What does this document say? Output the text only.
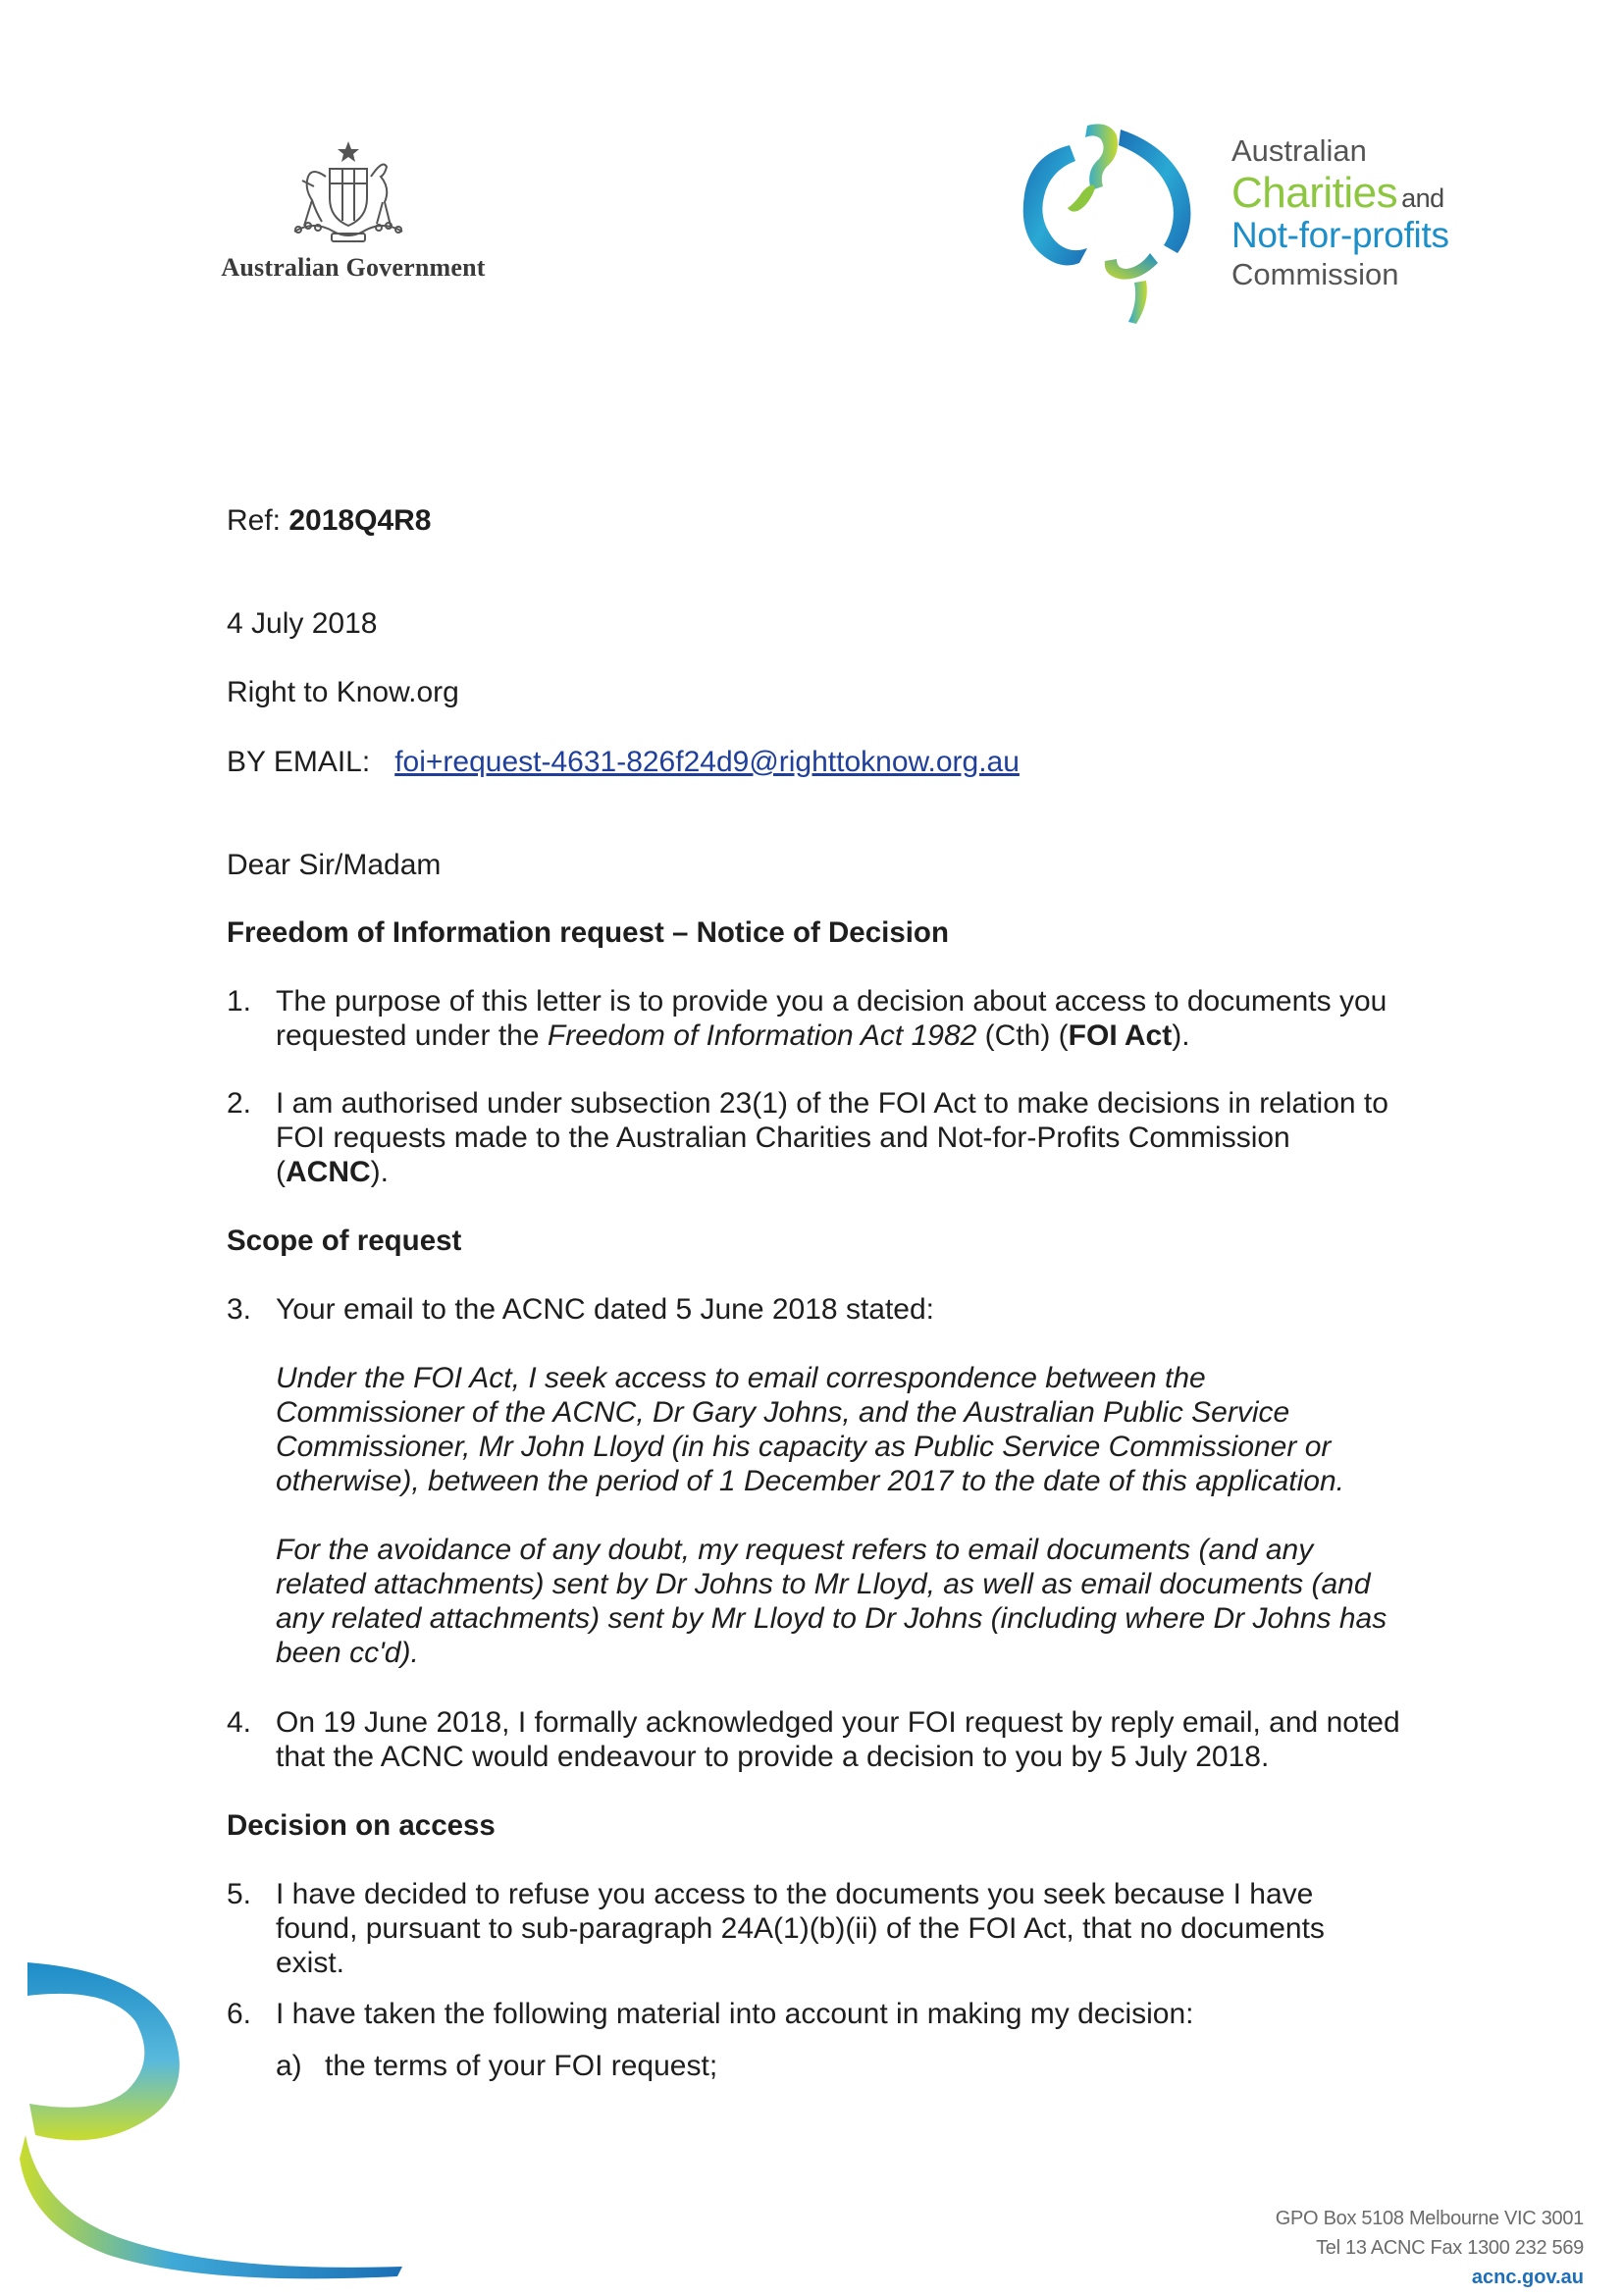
Australian Government
Australian
Charities and
Not-for-profits
Commission
Ref: 2018Q4R8
4 July 2018
Right to Know.org
BY EMAIL: foi+request-4631-826f24d9@righttoknow.org.au
Dear Sir/Madam
Freedom of Information request – Notice of Decision
1. The purpose of this letter is to provide you a decision about access to documents you
requested under the Freedom of Information Act 1982 (Cth) (FOI Act).
2. I am authorised under subsection 23(1) of the FOI Act to make decisions in relation to
FOI requests made to the Australian Charities and Not-for-Profits Commission
(ACNC).
Scope of request
3. Your email to the ACNC dated 5 June 2018 stated:
Under the FOI Act, I seek access to email correspondence between the
Commissioner of the ACNC, Dr Gary Johns, and the Australian Public Service
Commissioner, Mr John Lloyd (in his capacity as Public Service Commissioner or
otherwise), between the period of 1 December 2017 to the date of this application.
For the avoidance of any doubt, my request refers to email documents (and any
related attachments) sent by Dr Johns to Mr Lloyd, as well as email documents (and
any related attachments) sent by Mr Lloyd to Dr Johns (including where Dr Johns has
been cc'd).
4. On 19 June 2018, I formally acknowledged your FOI request by reply email, and noted
that the ACNC would endeavour to provide a decision to you by 5 July 2018.
Decision on access
5. I have decided to refuse you access to the documents you seek because I have
found, pursuant to sub-paragraph 24A(1)(b)(ii) of the FOI Act, that no documents
exist.
6. I have taken the following material into account in making my decision:
a) the terms of your FOI request;
GPO Box 5108 Melbourne VIC 3001
Tel 13 ACNC Fax 1300 232 569
acnc.gov.au
